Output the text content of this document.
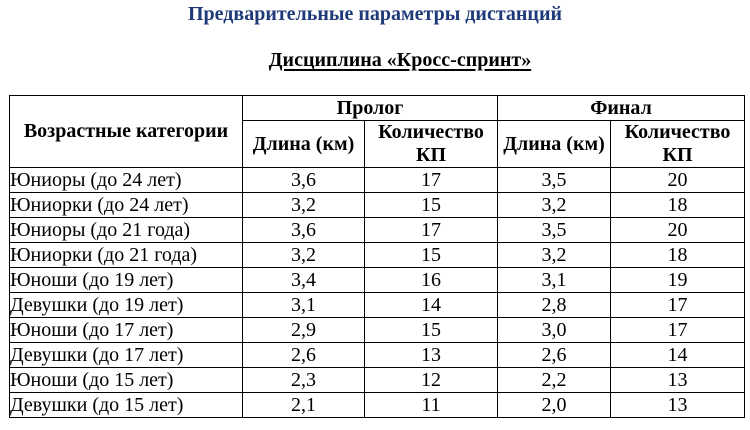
Предварительные параметры дистанций
Дисциплина «Кросс-спринт»
Возрастные категории	Пролог		Финал	
	Длина (км)	Количество КП	Длина (км)	Количество КП
Юниоры (до 24 лет)	3,6	17	3,5	20
Юниорки (до 24 лет)	3,2	15	3,2	18
Юниоры (до 21 года)	3,6	17	3,5	20
Юниорки (до 21 года)	3,2	15	3,2	18
Юноши (до 19 лет)	3,4	16	3,1	19
Девушки (до 19 лет)	3,1	14	2,8	17
Юноши (до 17 лет)	2,9	15	3,0	17
Девушки (до 17 лет)	2,6	13	2,6	14
Юноши (до 15 лет)	2,3	12	2,2	13
Девушки (до 15 лет)	2,1	11	2,0	13
